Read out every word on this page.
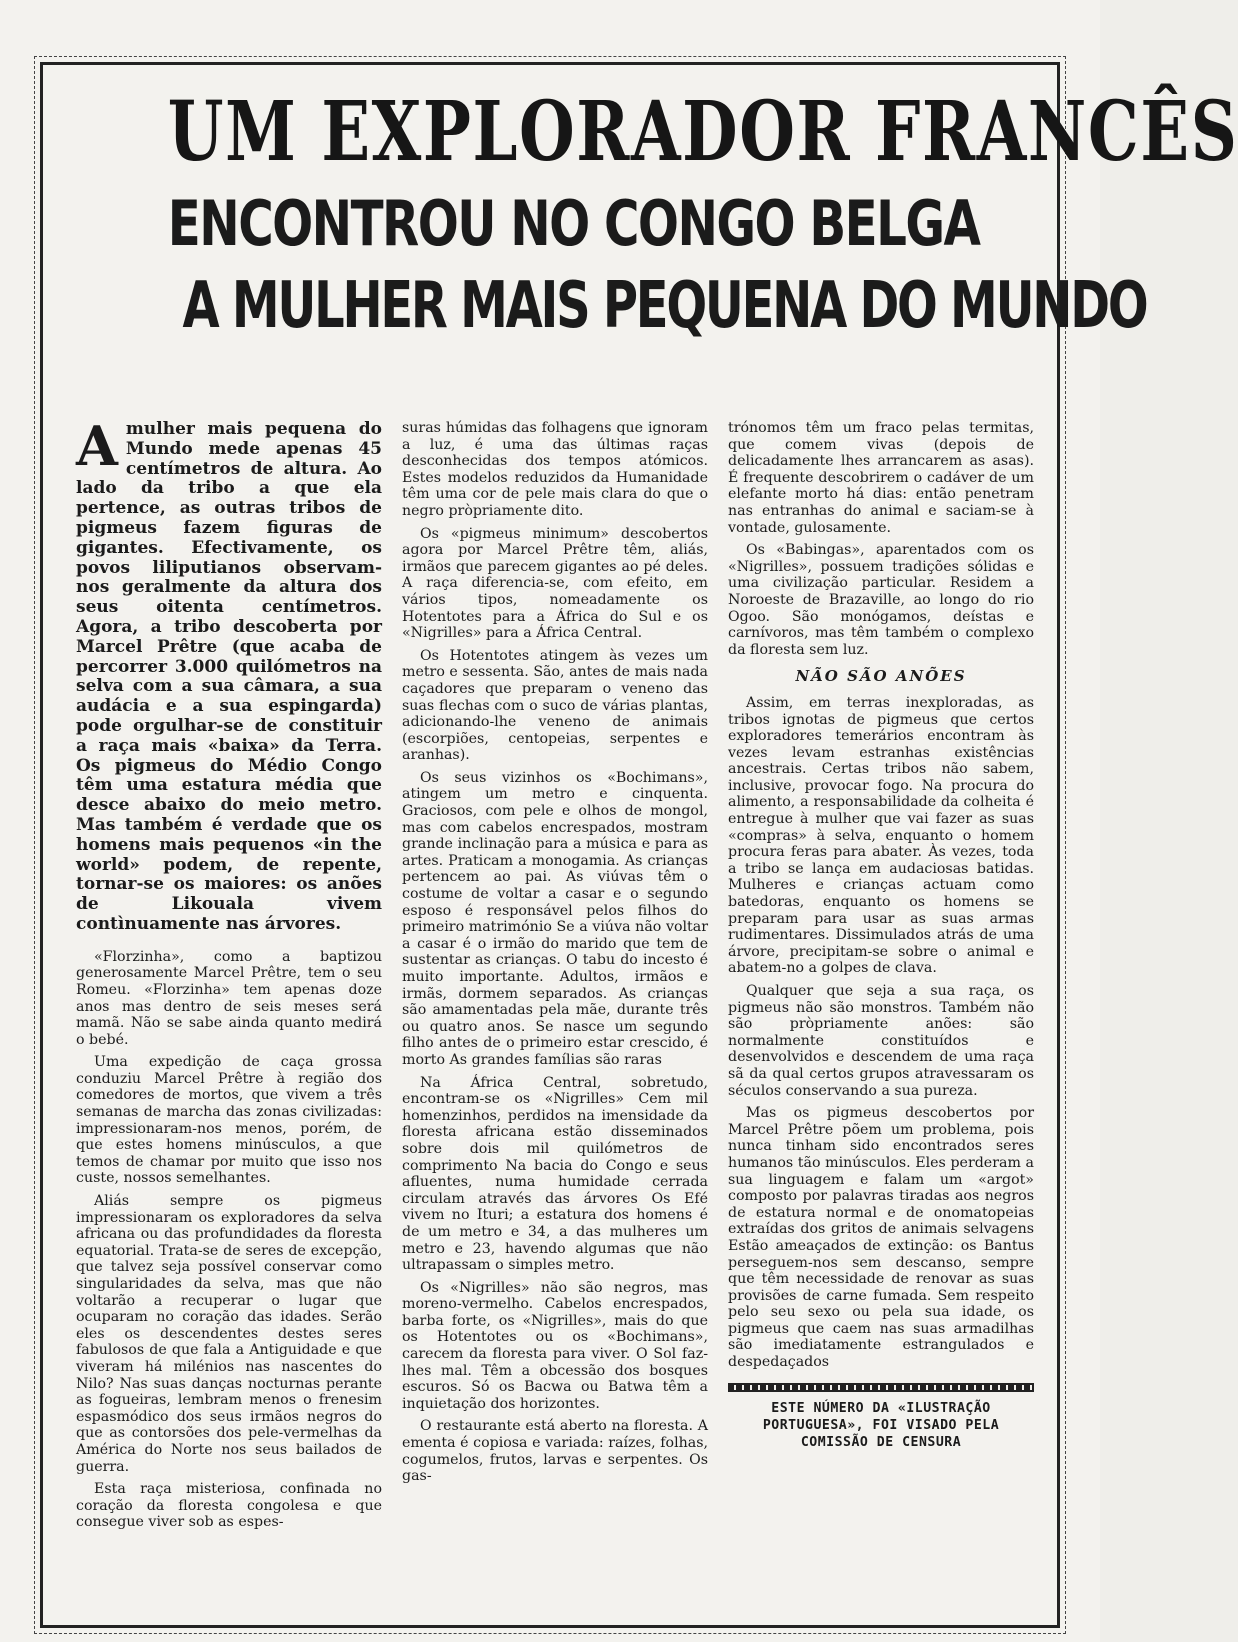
UM EXPLORADOR FRANCÊS
ENCONTROU NO CONGO BELGA
A MULHER MAIS PEQUENA DO MUNDO

Amulher mais pequena do Mundo mede apenas 45 centímetros de altura. Ao lado da tribo a que ela pertence, as outras tribos de pigmeus fazem figuras de gigantes. Efectivamente, os povos liliputianos observam-nos geralmente da altura dos seus oitenta centímetros. Agora, a tribo descoberta por Marcel Prêtre (que acaba de percorrer 3.000 quilómetros na selva com a sua câmara, a sua audácia e a sua espingarda) pode orgulhar-se de constituir a raça mais «baixa» da Terra. Os pigmeus do Médio Congo têm uma estatura média que desce abaixo do meio metro. Mas também é verdade que os homens mais pequenos «in the world» podem, de repente, tornar-se os maiores: os anões de Likouala vivem contìnuamente nas árvores.

«Florzinha», como a baptizou generosamente Marcel Prêtre, tem o seu Romeu. «Florzinha» tem apenas doze anos mas dentro de seis meses será mamã. Não se sabe ainda quanto medirá o bebé.

Uma expedição de caça grossa conduziu Marcel Prêtre à região dos comedores de mortos, que vivem a três semanas de marcha das zonas civilizadas: impressionaram-nos menos, porém, de que estes homens minúsculos, a que temos de chamar por muito que isso nos custe, nossos semelhantes.

Aliás sempre os pigmeus impressionaram os exploradores da selva africana ou das profundidades da floresta equatorial. Trata-se de seres de excepção, que talvez seja possível conservar como singularidades da selva, mas que não voltarão a recuperar o lugar que ocuparam no coração das idades. Serão eles os descendentes destes seres fabulosos de que fala a Antiguidade e que viveram há milénios nas nascentes do Nilo? Nas suas danças nocturnas perante as fogueiras, lembram menos o frenesim espasmódico dos seus irmãos negros do que as contorsões dos pele-vermelhas da América do Norte nos seus bailados de guerra.

Esta raça misteriosa, confinada no coração da floresta congolesa e que consegue viver sob as espes-

suras húmidas das folhagens que ignoram a luz, é uma das últimas raças desconhecidas dos tempos atómicos. Estes modelos reduzidos da Humanidade têm uma cor de pele mais clara do que o negro pròpriamente dito.

Os «pigmeus minimum» descobertos agora por Marcel Prêtre têm, aliás, irmãos que parecem gigantes ao pé deles. A raça diferencia-se, com efeito, em vários tipos, nomeadamente os Hotentotes para a África do Sul e os «Nigrilles» para a África Central.

Os Hotentotes atingem às vezes um metro e sessenta. São, antes de mais nada caçadores que preparam o veneno das suas flechas com o suco de várias plantas, adicionando-lhe veneno de animais (escorpiões, centopeias, serpentes e aranhas).

Os seus vizinhos os «Bochimans», atingem um metro e cinquenta. Graciosos, com pele e olhos de mongol, mas com cabelos encrespados, mostram grande inclinação para a música e para as artes. Praticam a monogamia. As crianças pertencem ao pai. As viúvas têm o costume de voltar a casar e o segundo esposo é responsável pelos filhos do primeiro matrimónio Se a viúva não voltar a casar é o irmão do marido que tem de sustentar as crianças. O tabu do incesto é muito importante. Adultos, irmãos e irmãs, dormem separados. As crianças são amamentadas pela mãe, durante três ou quatro anos. Se nasce um segundo filho antes de o primeiro estar crescido, é morto As grandes famílias são raras

Na África Central, sobretudo, encontram-se os «Nigrilles» Cem mil homenzinhos, perdidos na imensidade da floresta africana estão disseminados sobre dois mil quilómetros de comprimento Na bacia do Congo e seus afluentes, numa humidade cerrada circulam através das árvores Os Efé vivem no Ituri; a estatura dos homens é de um metro e 34, a das mulheres um metro e 23, havendo algumas que não ultrapassam o simples metro.

Os «Nigrilles» não são negros, mas moreno-vermelho. Cabelos encrespados, barba forte, os «Nigrilles», mais do que os Hotentotes ou os «Bochimans», carecem da floresta para viver. O Sol faz-lhes mal. Têm a obcessão dos bosques escuros. Só os Bacwa ou Batwa têm a inquietação dos horizontes.

O restaurante está aberto na floresta. A ementa é copiosa e variada: raízes, folhas, cogumelos, frutos, larvas e serpentes. Os gas-

trónomos têm um fraco pelas termitas, que comem vivas (depois de delicadamente lhes arrancarem as asas). É frequente descobrirem o cadáver de um elefante morto há dias: então penetram nas entranhas do animal e saciam-se à vontade, gulosamente.

Os «Babingas», aparentados com os «Nigrilles», possuem tradições sólidas e uma civilização particular. Residem a Noroeste de Brazaville, ao longo do rio Ogoo. São monógamos, deístas e carnívoros, mas têm também o complexo da floresta sem luz.

NÃO SÃO ANÕES

Assim, em terras inexploradas, as tribos ignotas de pigmeus que certos exploradores temerários encontram às vezes levam estranhas existências ancestrais. Certas tribos não sabem, inclusive, provocar fogo. Na procura do alimento, a responsabilidade da colheita é entregue à mulher que vai fazer as suas «compras» à selva, enquanto o homem procura feras para abater. Às vezes, toda a tribo se lança em audaciosas batidas. Mulheres e crianças actuam como batedoras, enquanto os homens se preparam para usar as suas armas rudimentares. Dissimulados atrás de uma árvore, precipitam-se sobre o animal e abatem-no a golpes de clava.

Qualquer que seja a sua raça, os pigmeus não são monstros. Também não são pròpriamente anões: são normalmente constituídos e desenvolvidos e descendem de uma raça sã da qual certos grupos atravessaram os séculos conservando a sua pureza.

Mas os pigmeus descobertos por Marcel Prêtre põem um problema, pois nunca tinham sido encontrados seres humanos tão minúsculos. Eles perderam a sua linguagem e falam um «argot» composto por palavras tiradas aos negros de estatura normal e de onomatopeias extraídas dos gritos de animais selvagens Estão ameaçados de extinção: os Bantus perseguem-nos sem descanso, sempre que têm necessidade de renovar as suas provisões de carne fumada. Sem respeito pelo seu sexo ou pela sua idade, os pigmeus que caem nas suas armadilhas são imediatamente estrangulados e despedaçados

ESTE NÚMERO DA «ILUSTRAÇÃO PORTUGUESA», FOI VISADO PELA COMISSÃO DE CENSURA
